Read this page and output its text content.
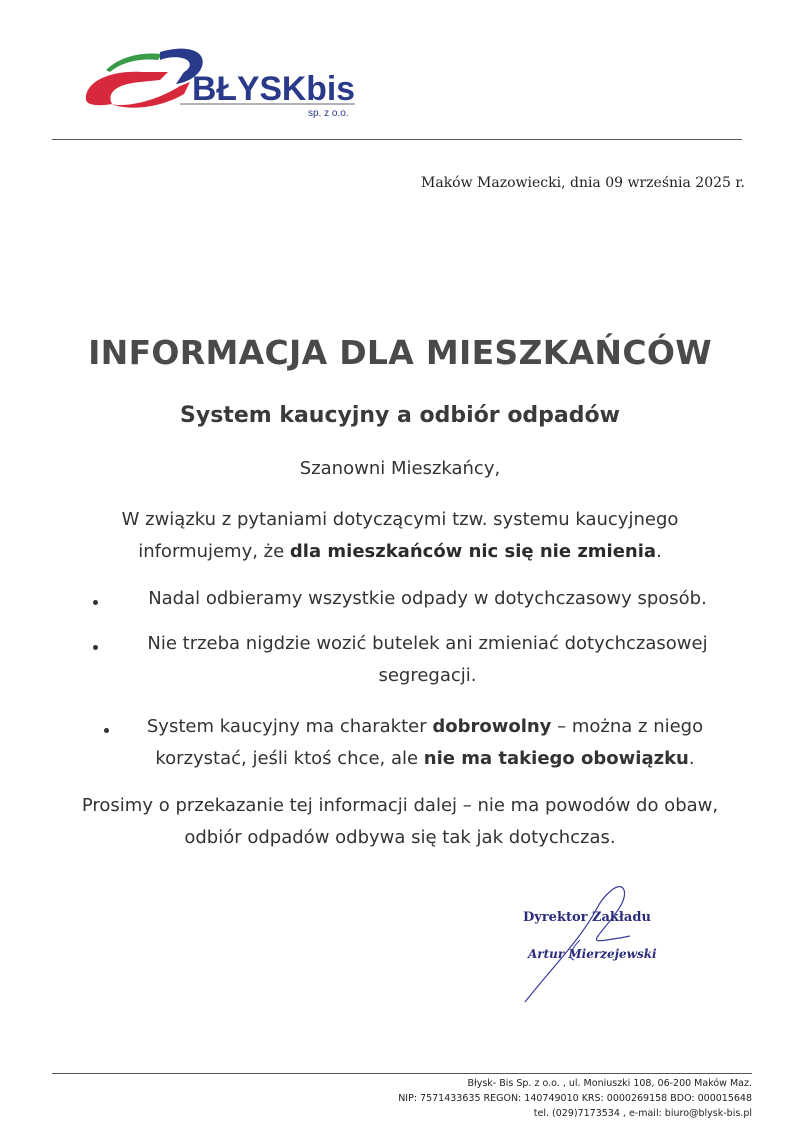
BŁYSKbis
sp. z o.o.
Maków Mazowiecki, dnia 09 września 2025 r.
INFORMACJA DLA MIESZKAŃCÓW
System kaucyjny a odbiór odpadów
Szanowni Mieszkańcy,
W związku z pytaniami dotyczącymi tzw. systemu kaucyjnego
informujemy, że dla mieszkańców nic się nie zmienia.
Nadal odbieramy wszystkie odpady w dotychczasowy sposób.
Nie trzeba nigdzie wozić butelek ani zmieniać dotychczasowej
segregacji.
System kaucyjny ma charakter dobrowolny – można z niego
korzystać, jeśli ktoś chce, ale nie ma takiego obowiązku.
Prosimy o przekazanie tej informacji dalej – nie ma powodów do obaw,
odbiór odpadów odbywa się tak jak dotychczas.
Dyrektor Zakładu
Artur Mierzejewski
Błysk- Bis Sp. z o.o. , ul. Moniuszki 108, 06-200 Maków Maz.
NIP: 7571433635 REGON: 140749010 KRS: 0000269158 BDO: 000015648
tel. (029)7173534 , e-mail: biuro@blysk-bis.pl
